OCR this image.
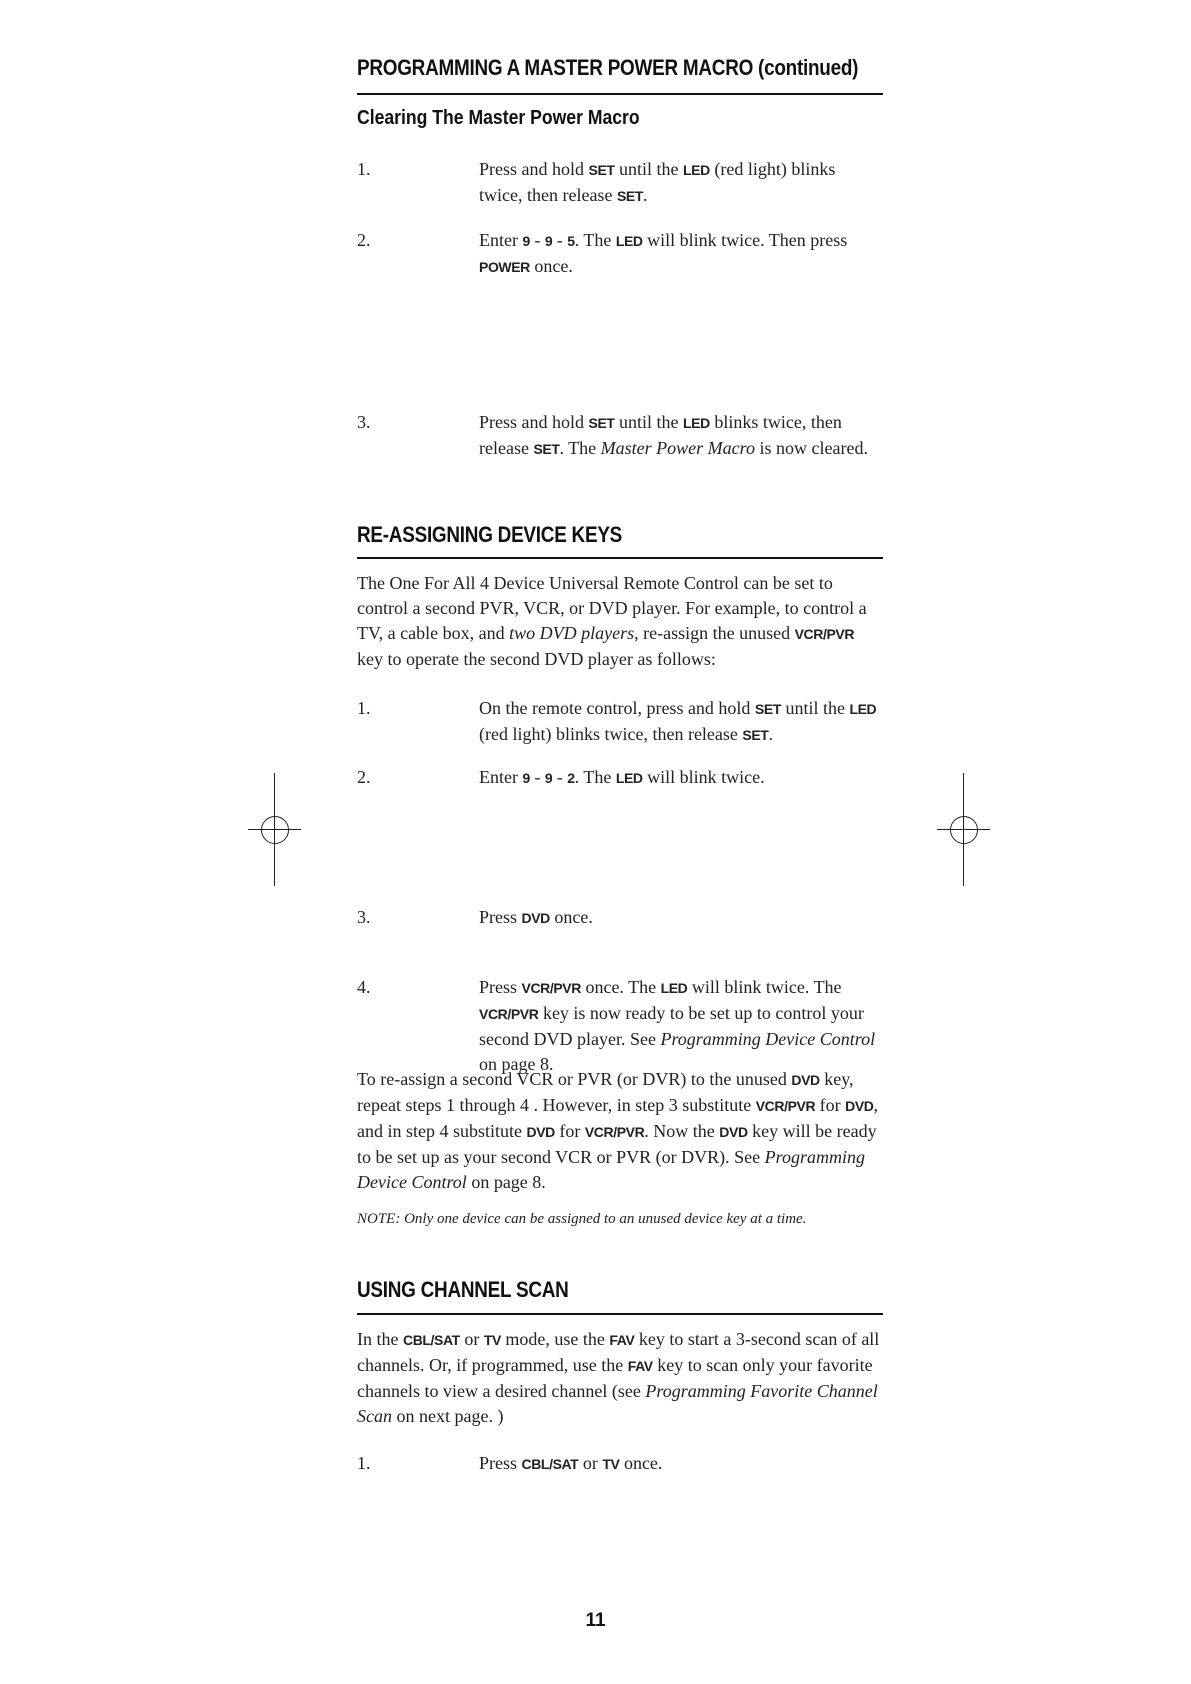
PROGRAMMING A MASTER POWER MACRO (continued)
Clearing The Master Power Macro
1.	Press and hold SET until the LED (red light) blinks twice, then release SET.
2.	Enter 9 - 9 - 5. The LED will blink twice. Then press POWER once.
3.	Press and hold SET until the LED blinks twice, then release SET. The Master Power Macro is now cleared.
RE-ASSIGNING DEVICE KEYS
The One For All 4 Device Universal Remote Control can be set to control a second PVR, VCR, or DVD player. For example, to control a TV, a cable box, and two DVD players, re-assign the unused VCR/PVR key to operate the second DVD player as follows:
1.	On the remote control, press and hold SET until the LED (red light) blinks twice, then release SET.
2.	Enter 9 - 9 - 2. The LED will blink twice.
3.	Press DVD once.
4.	Press VCR/PVR once. The LED will blink twice. The VCR/PVR key is now ready to be set up to control your second DVD player. See Programming Device Control on page 8.
To re-assign a second VCR or PVR (or DVR) to the unused DVD key, repeat steps 1 through 4 . However, in step 3 substitute VCR/PVR for DVD, and in step 4 substitute DVD for VCR/PVR. Now the DVD key will be ready to be set up as your second VCR or PVR (or DVR). See Programming Device Control on page 8.
NOTE: Only one device can be assigned to an unused device key at a time.
USING CHANNEL SCAN
In the CBL/SAT or TV mode, use the FAV key to start a 3-second scan of all channels. Or, if programmed, use the FAV key to scan only your favorite channels to view a desired channel (see Programming Favorite Channel Scan on next page. )
1.	Press CBL/SAT or TV once.
11
